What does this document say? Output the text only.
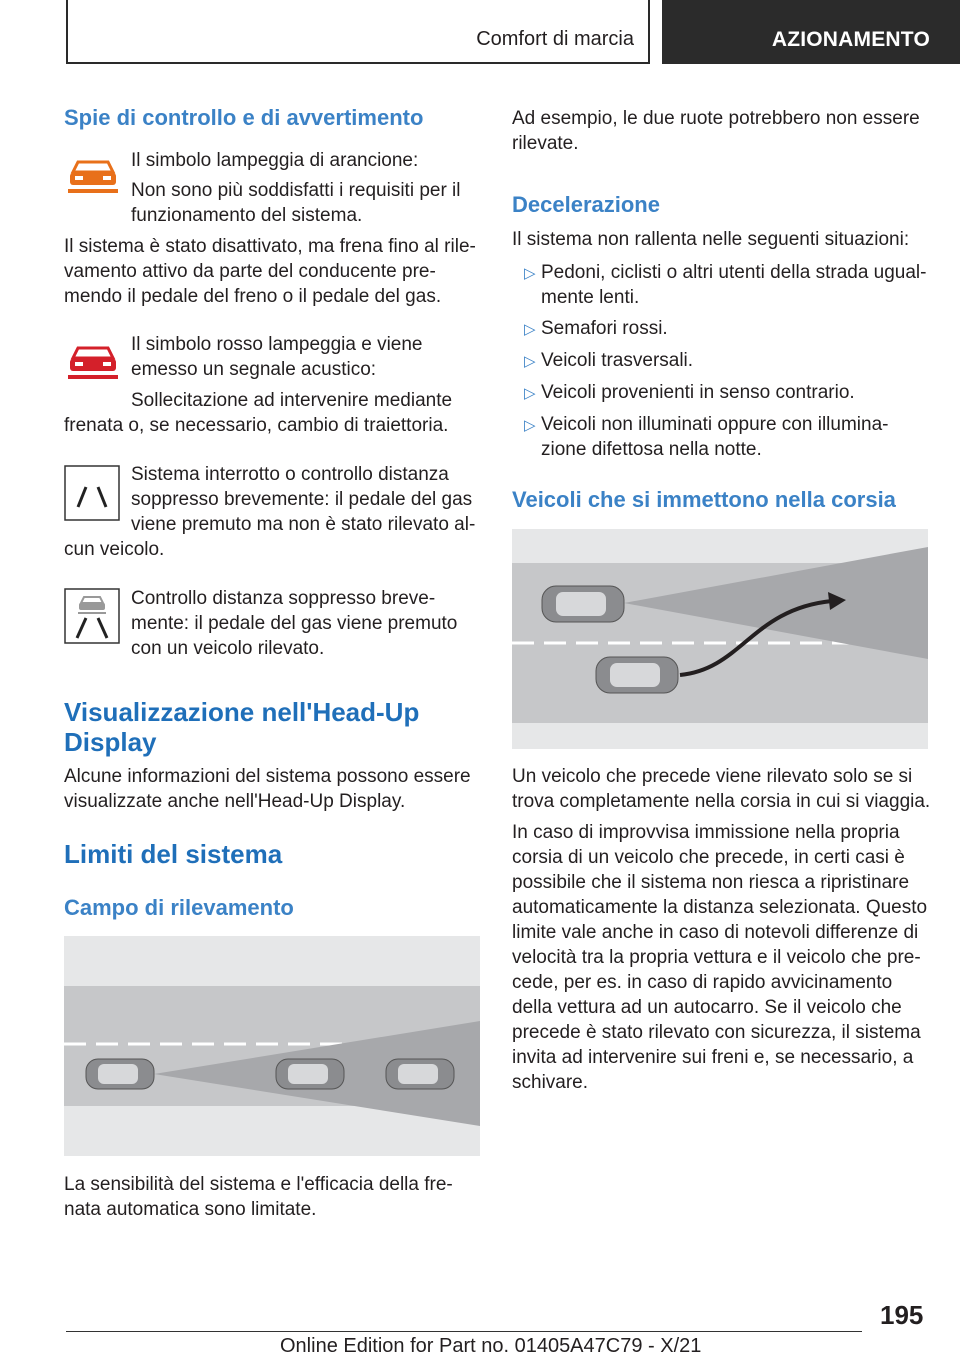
Comfort di marcia	AZIONAMENTO
Spie di controllo e di avvertimento
Il simbolo lampeggia di arancione:
Non sono più soddisfatti i requisiti per il
funzionamento del sistema.
Il sistema è stato disattivato, ma frena fino al rile-
vamento attivo da parte del conducente pre-
mendo il pedale del freno o il pedale del gas.
Il simbolo rosso lampeggia e viene
emesso un segnale acustico:
Sollecitazione ad intervenire mediante
frenata o, se necessario, cambio di traiettoria.
Sistema interrotto o controllo distanza
soppresso brevemente: il pedale del gas
viene premuto ma non è stato rilevato al-
cun veicolo.
Controllo distanza soppresso breve-
mente: il pedale del gas viene premuto
con un veicolo rilevato.
Visualizzazione nell'Head-Up
Display
Alcune informazioni del sistema possono essere
visualizzate anche nell'Head-Up Display.
Limiti del sistema
Campo di rilevamento
La sensibilità del sistema e l'efficacia della fre-
nata automatica sono limitate.
Ad esempio, le due ruote potrebbero non essere
rilevate.
Decelerazione
Il sistema non rallenta nelle seguenti situazioni:
▷ Pedoni, ciclisti o altri utenti della strada ugual-
mente lenti.
▷ Semafori rossi.
▷ Veicoli trasversali.
▷ Veicoli provenienti in senso contrario.
▷ Veicoli non illuminati oppure con illumina-
zione difettosa nella notte.
Veicoli che si immettono nella corsia
Un veicolo che precede viene rilevato solo se si
trova completamente nella corsia in cui si viaggia.
In caso di improvvisa immissione nella propria
corsia di un veicolo che precede, in certi casi è
possibile che il sistema non riesca a ripristinare
automaticamente la distanza selezionata. Questo
limite vale anche in caso di notevoli differenze di
velocità tra la propria vettura e il veicolo che pre-
cede, per es. in caso di rapido avvicinamento
della vettura ad un autocarro. Se il veicolo che
precede è stato rilevato con sicurezza, il sistema
invita ad intervenire sui freni e, se necessario, a
schivare.
195
Online Edition for Part no. 01405A47C79 - X/21
